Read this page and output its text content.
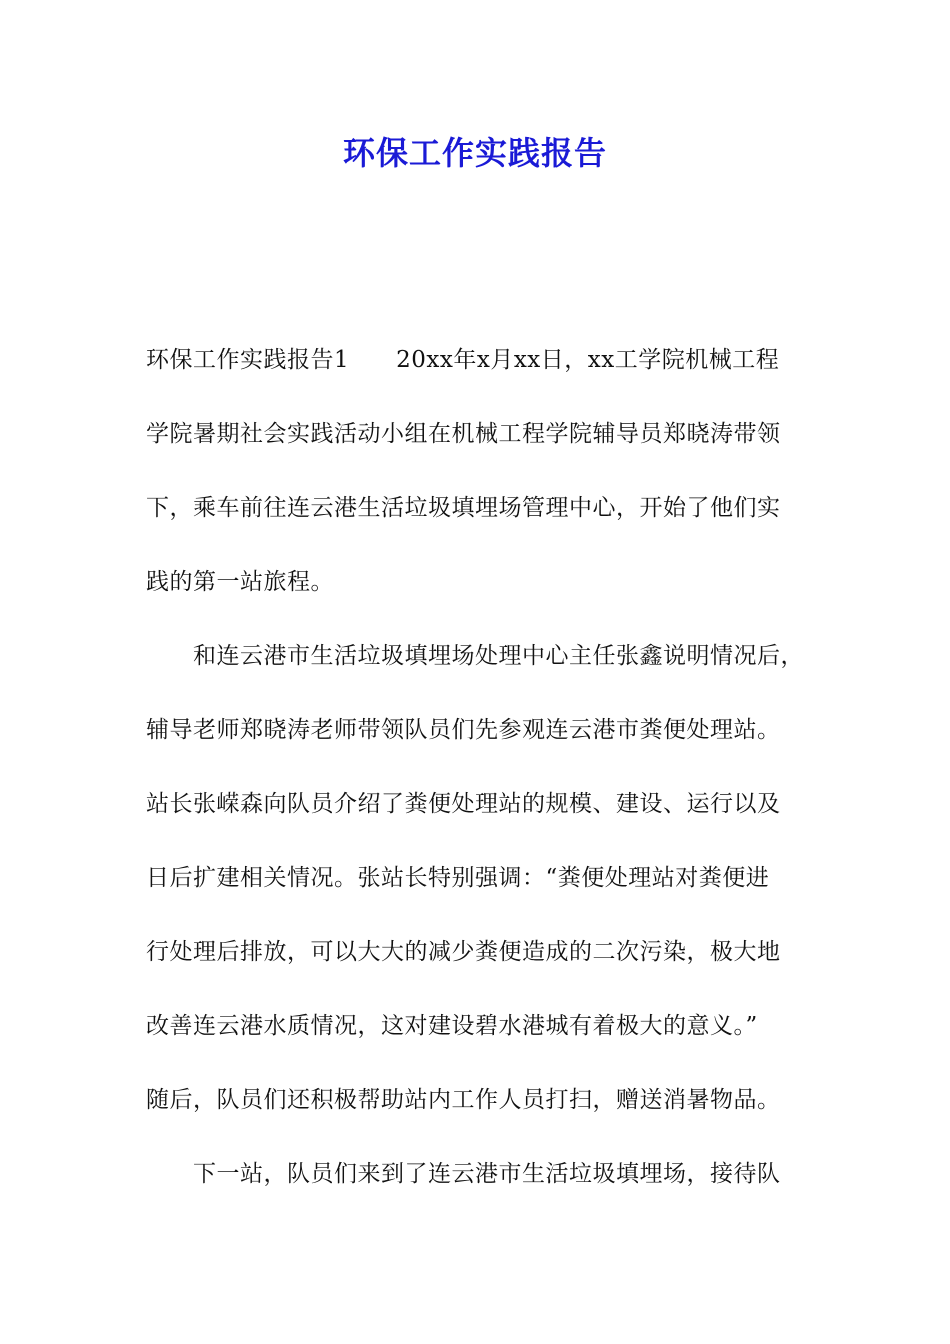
环保工作实践报告
环保工作实践报告1　　20xx年x月xx日，xx工学院机械工程
学院暑期社会实践活动小组在机械工程学院辅导员郑晓涛带领
下，乘车前往连云港生活垃圾填埋场管理中心，开始了他们实
践的第一站旅程。
　　和连云港市生活垃圾填埋场处理中心主任张鑫说明情况后，
辅导老师郑晓涛老师带领队员们先参观连云港市粪便处理站。
站长张嵘森向队员介绍了粪便处理站的规模、建设、运行以及
日后扩建相关情况。张站长特别强调：“粪便处理站对粪便进
行处理后排放，可以大大的减少粪便造成的二次污染，极大地
改善连云港水质情况，这对建设碧水港城有着极大的意义。”
随后，队员们还积极帮助站内工作人员打扫，赠送消暑物品。
　　下一站，队员们来到了连云港市生活垃圾填埋场，接待队
